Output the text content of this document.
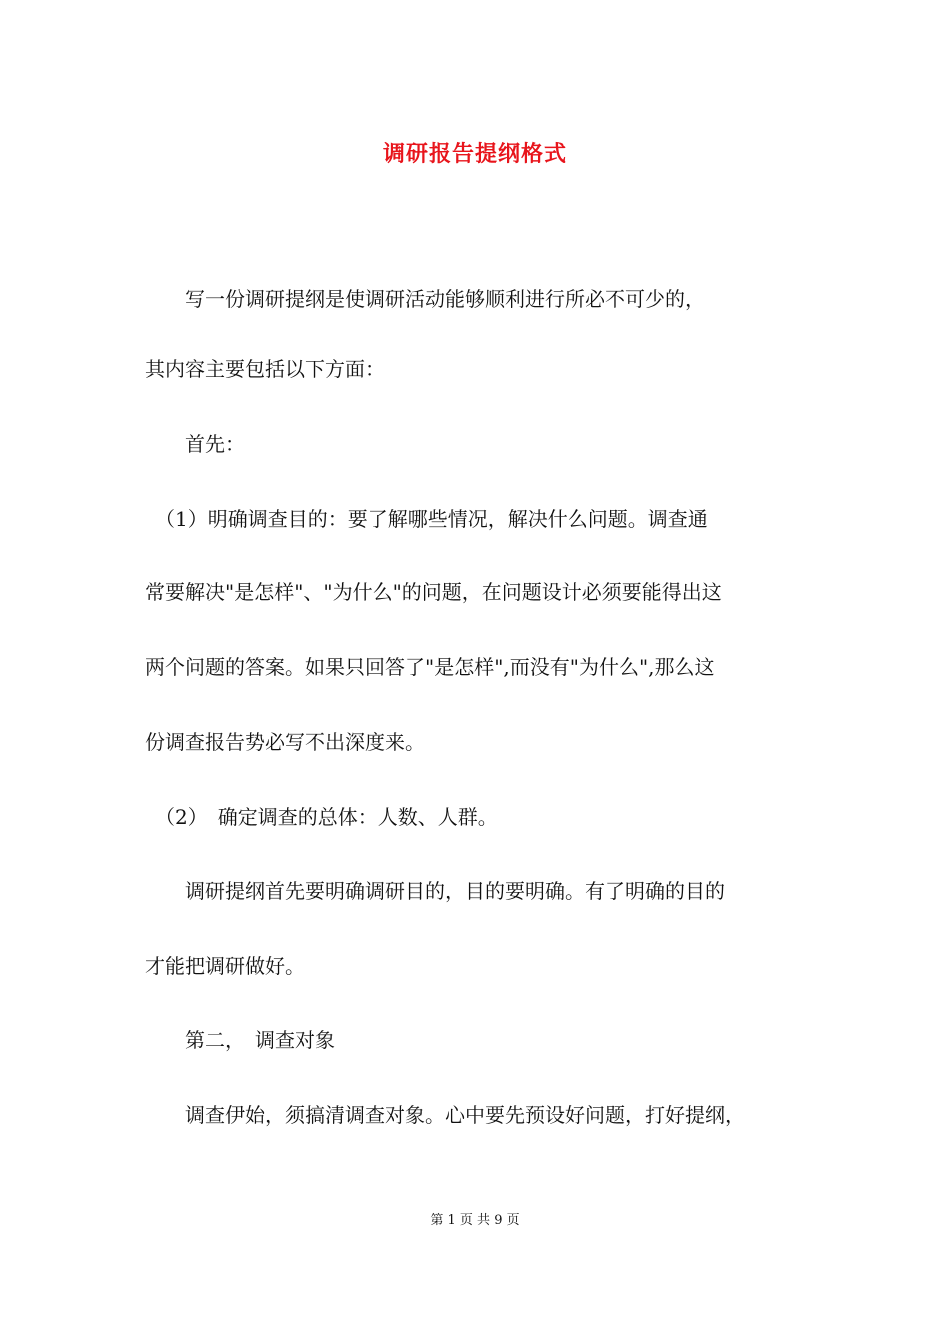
调研报告提纲格式
　　写一份调研提纲是使调研活动能够顺利进行所必不可少的，
其内容主要包括以下方面：
　　首先：
　（1）明确调查目的：要了解哪些情况，解决什么问题。调查通
常要解决"是怎样"、"为什么"的问题，在问题设计必须要能得出这
两个问题的答案。如果只回答了"是怎样",而没有"为什么",那么这
份调查报告势必写不出深度来。
　（2）　确定调查的总体：人数、人群。
　　调研提纲首先要明确调研目的，目的要明确。有了明确的目的
才能把调研做好。
　　第二，　调查对象
　　调查伊始，须搞清调查对象。心中要先预设好问题，打好提纲，
第 1 页 共 9 页
